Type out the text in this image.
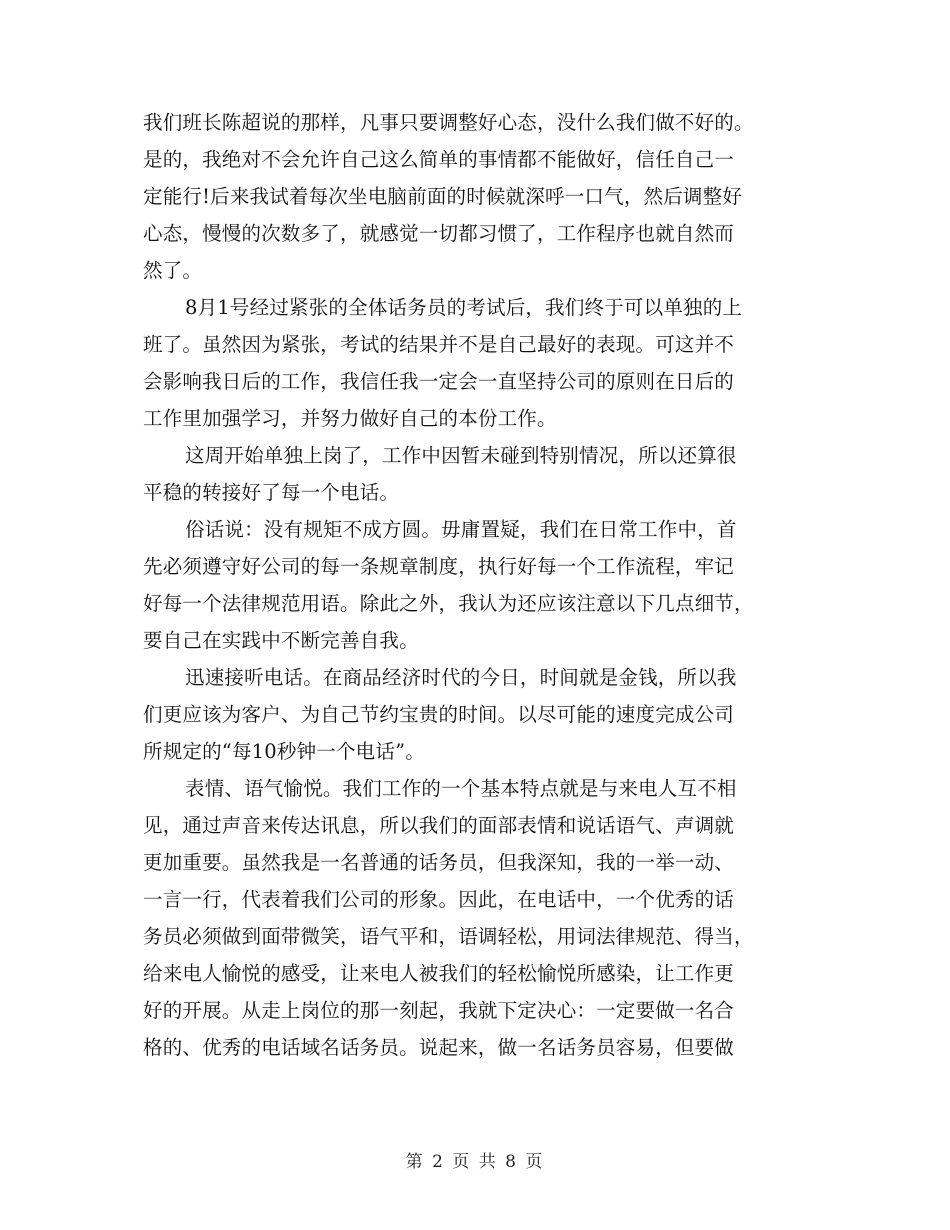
我们班长陈超说的那样，凡事只要调整好心态，没什么我们做不好的。
是的，我绝对不会允许自己这么简单的事情都不能做好，信任自己一
定能行!后来我试着每次坐电脑前面的时候就深呼一口气，然后调整好
心态，慢慢的次数多了，就感觉一切都习惯了，工作程序也就自然而
然了。
8月1号经过紧张的全体话务员的考试后，我们终于可以单独的上
班了。虽然因为紧张，考试的结果并不是自己最好的表现。可这并不
会影响我日后的工作，我信任我一定会一直坚持公司的原则在日后的
工作里加强学习，并努力做好自己的本份工作。
这周开始单独上岗了，工作中因暂未碰到特别情况，所以还算很
平稳的转接好了每一个电话。
俗话说：没有规矩不成方圆。毋庸置疑，我们在日常工作中，首
先必须遵守好公司的每一条规章制度，执行好每一个工作流程，牢记
好每一个法律规范用语。除此之外，我认为还应该注意以下几点细节，
要自己在实践中不断完善自我。
迅速接听电话。在商品经济时代的今日，时间就是金钱，所以我
们更应该为客户、为自己节约宝贵的时间。以尽可能的速度完成公司
所规定的“每10秒钟一个电话”。
表情、语气愉悦。我们工作的一个基本特点就是与来电人互不相
见，通过声音来传达讯息，所以我们的面部表情和说话语气、声调就
更加重要。虽然我是一名普通的话务员，但我深知，我的一举一动、
一言一行，代表着我们公司的形象。因此，在电话中，一个优秀的话
务员必须做到面带微笑，语气平和，语调轻松，用词法律规范、得当，
给来电人愉悦的感受，让来电人被我们的轻松愉悦所感染，让工作更
好的开展。从走上岗位的那一刻起，我就下定决心：一定要做一名合
格的、优秀的电话域名话务员。说起来，做一名话务员容易，但要做
第 2 页 共 8 页
